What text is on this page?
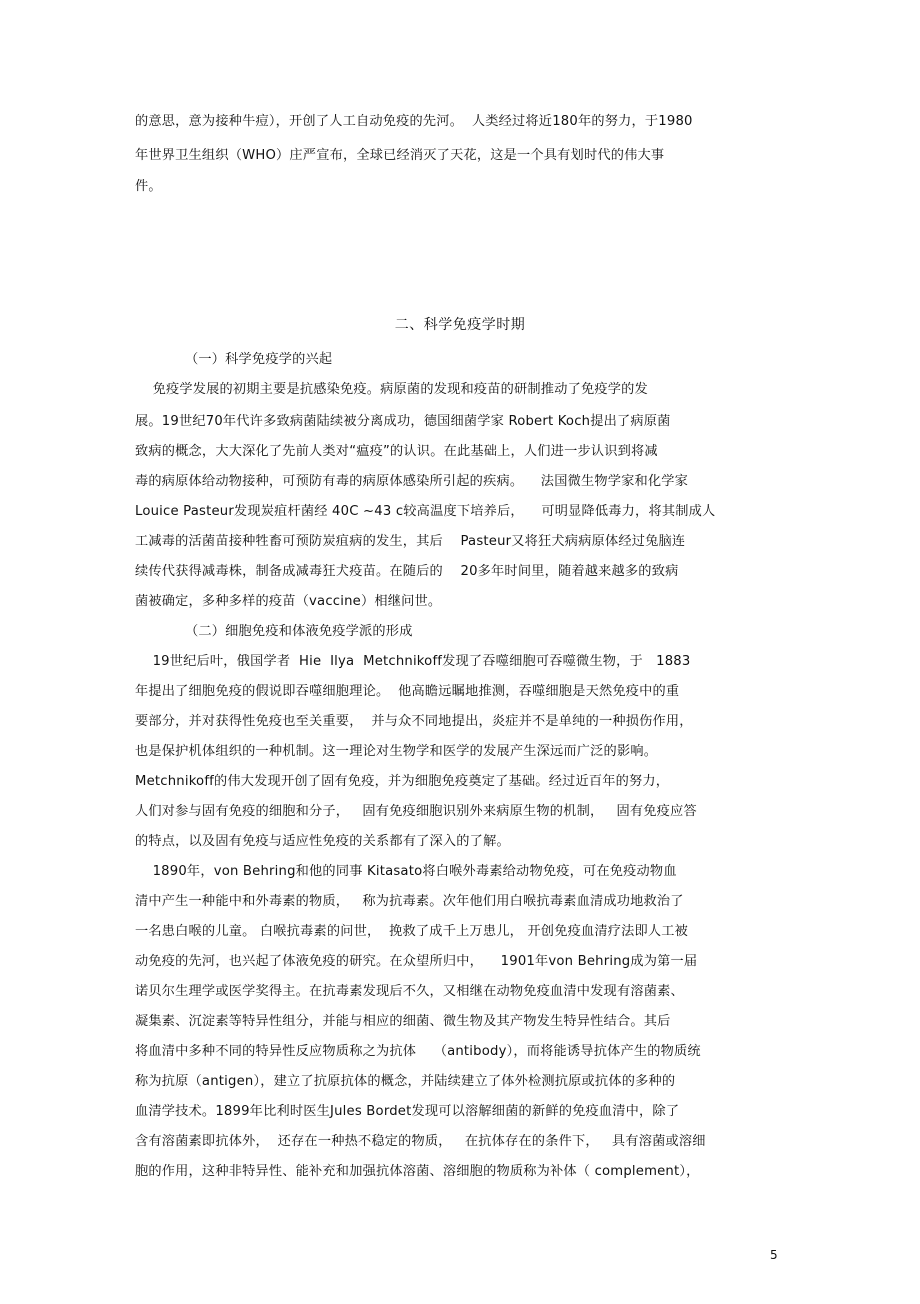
的意思，意为接种牛痘），开创了人工自动免疫的先河。  人类经过将近180年的努力，于1980
年世界卫生组织（WHO）庄严宣布，全球已经消灭了天花，这是一个具有划时代的伟大事
件。
二、科学免疫学时期
（一）科学免疫学的兴起
免疫学发展的初期主要是抗感染免疫。病原菌的发现和疫苗的研制推动了免疫学的发
展。19世纪70年代许多致病菌陆续被分离成功，德国细菌学家 Robert Koch提出了病原菌
致病的概念，大大深化了先前人类对“瘟疫”的认识。在此基础上，人们进一步认识到将减
毒的病原体给动物接种，可预防有毒的病原体感染所引起的疾病。    法国微生物学家和化学家
Louice Pasteur发现炭疽杆菌经 40C ~43 c较高温度下培养后，    可明显降低毒力，将其制成人
工减毒的活菌苗接种牲畜可预防炭疽病的发生，其后    Pasteur又将狂犬病病原体经过兔脑连
续传代获得减毒株，制备成减毒狂犬疫苗。在随后的    20多年时间里，随着越来越多的致病
菌被确定，多种多样的疫苗（vaccine）相继问世。
（二）细胞免疫和体液免疫学派的形成
19世纪后叶，俄国学者  Hie  Ilya  Metchnikoff发现了吞噬细胞可吞噬微生物，于   1883
年提出了细胞免疫的假说即吞噬细胞理论。  他高瞻远瞩地推测，吞噬细胞是天然免疫中的重
要部分，并对获得性免疫也至关重要，  并与众不同地提出，炎症并不是单纯的一种损伤作用，
也是保护机体组织的一种机制。这一理论对生物学和医学的发展产生深远而广泛的影响。
Metchnikoff的伟大发现开创了固有免疫，并为细胞免疫奠定了基础。经过近百年的努力，
人们对参与固有免疫的细胞和分子，   固有免疫细胞识别外来病原生物的机制，   固有免疫应答
的特点，以及固有免疫与适应性免疫的关系都有了深入的了解。
1890年，von Behring和他的同事 Kitasato将白喉外毒素给动物免疫，可在免疫动物血
清中产生一种能中和外毒素的物质，   称为抗毒素。次年他们用白喉抗毒素血清成功地救治了
一名患白喉的儿童。 白喉抗毒素的问世，  挽救了成千上万患儿， 开创免疫血清疗法即人工被
动免疫的先河，也兴起了体液免疫的研究。在众望所归中，    1901年von Behring成为第一届
诺贝尔生理学或医学奖得主。在抗毒素发现后不久，又相继在动物免疫血清中发现有溶菌素、
凝集素、沉淀素等特异性组分，并能与相应的细菌、微生物及其产物发生特异性结合。其后
将血清中多种不同的特异性反应物质称之为抗体    （antibody），而将能诱导抗体产生的物质统
称为抗原（antigen），建立了抗原抗体的概念，并陆续建立了体外检测抗原或抗体的多种的
血清学技术。1899年比利时医生Jules Bordet发现可以溶解细菌的新鲜的免疫血清中，除了
含有溶菌素即抗体外，  还存在一种热不稳定的物质，   在抗体存在的条件下，   具有溶菌或溶细
胞的作用，这种非特异性、能补充和加强抗体溶菌、溶细胞的物质称为补体（ complement），
5
